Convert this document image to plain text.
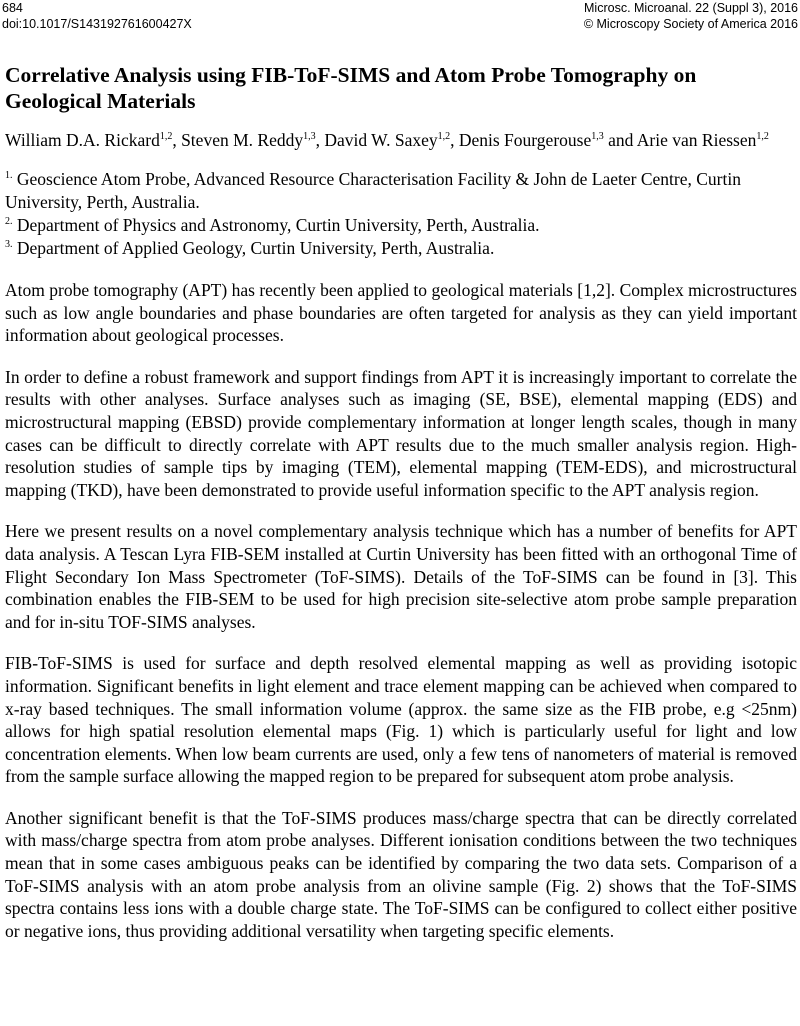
684
doi:10.1017/S143192761600427X
Microsc. Microanal. 22 (Suppl 3), 2016
© Microscopy Society of America 2016
Correlative Analysis using FIB-ToF-SIMS and Atom Probe Tomography on Geological Materials
William D.A. Rickard$^{1,2}$, Steven M. Reddy$^{1,3}$, David W. Saxey$^{1,2}$, Denis Fourgerouse$^{1,3}$ and Arie van Riessen$^{1,2}$
$^{1.}$ Geoscience Atom Probe, Advanced Resource Characterisation Facility & John de Laeter Centre, Curtin University, Perth, Australia.
$^{2.}$ Department of Physics and Astronomy, Curtin University, Perth, Australia.
$^{3.}$ Department of Applied Geology, Curtin University, Perth, Australia.

Atom probe tomography (APT) has recently been applied to geological materials [1,2]. Complex microstructures such as low angle boundaries and phase boundaries are often targeted for analysis as they can yield important information about geological processes.

In order to define a robust framework and support findings from APT it is increasingly important to correlate the results with other analyses. Surface analyses such as imaging (SE, BSE), elemental mapping (EDS) and microstructural mapping (EBSD) provide complementary information at longer length scales, though in many cases can be difficult to directly correlate with APT results due to the much smaller analysis region. High-resolution studies of sample tips by imaging (TEM), elemental mapping (TEM-EDS), and microstructural mapping (TKD), have been demonstrated to provide useful information specific to the APT analysis region.

Here we present results on a novel complementary analysis technique which has a number of benefits for APT data analysis. A Tescan Lyra FIB-SEM installed at Curtin University has been fitted with an orthogonal Time of Flight Secondary Ion Mass Spectrometer (ToF-SIMS). Details of the ToF-SIMS can be found in [3]. This combination enables the FIB-SEM to be used for high precision site-selective atom probe sample preparation and for in-situ TOF-SIMS analyses.

FIB-ToF-SIMS is used for surface and depth resolved elemental mapping as well as providing isotopic information. Significant benefits in light element and trace element mapping can be achieved when compared to x-ray based techniques. The small information volume (approx. the same size as the FIB probe, e.g <25nm) allows for high spatial resolution elemental maps (Fig. 1) which is particularly useful for light and low concentration elements. When low beam currents are used, only a few tens of nanometers of material is removed from the sample surface allowing the mapped region to be prepared for subsequent atom probe analysis.

Another significant benefit is that the ToF-SIMS produces mass/charge spectra that can be directly correlated with mass/charge spectra from atom probe analyses. Different ionisation conditions between the two techniques mean that in some cases ambiguous peaks can be identified by comparing the two data sets. Comparison of a ToF-SIMS analysis with an atom probe analysis from an olivine sample (Fig. 2) shows that the ToF-SIMS spectra contains less ions with a double charge state. The ToF-SIMS can be configured to collect either positive or negative ions, thus providing additional versatility when targeting specific elements.
